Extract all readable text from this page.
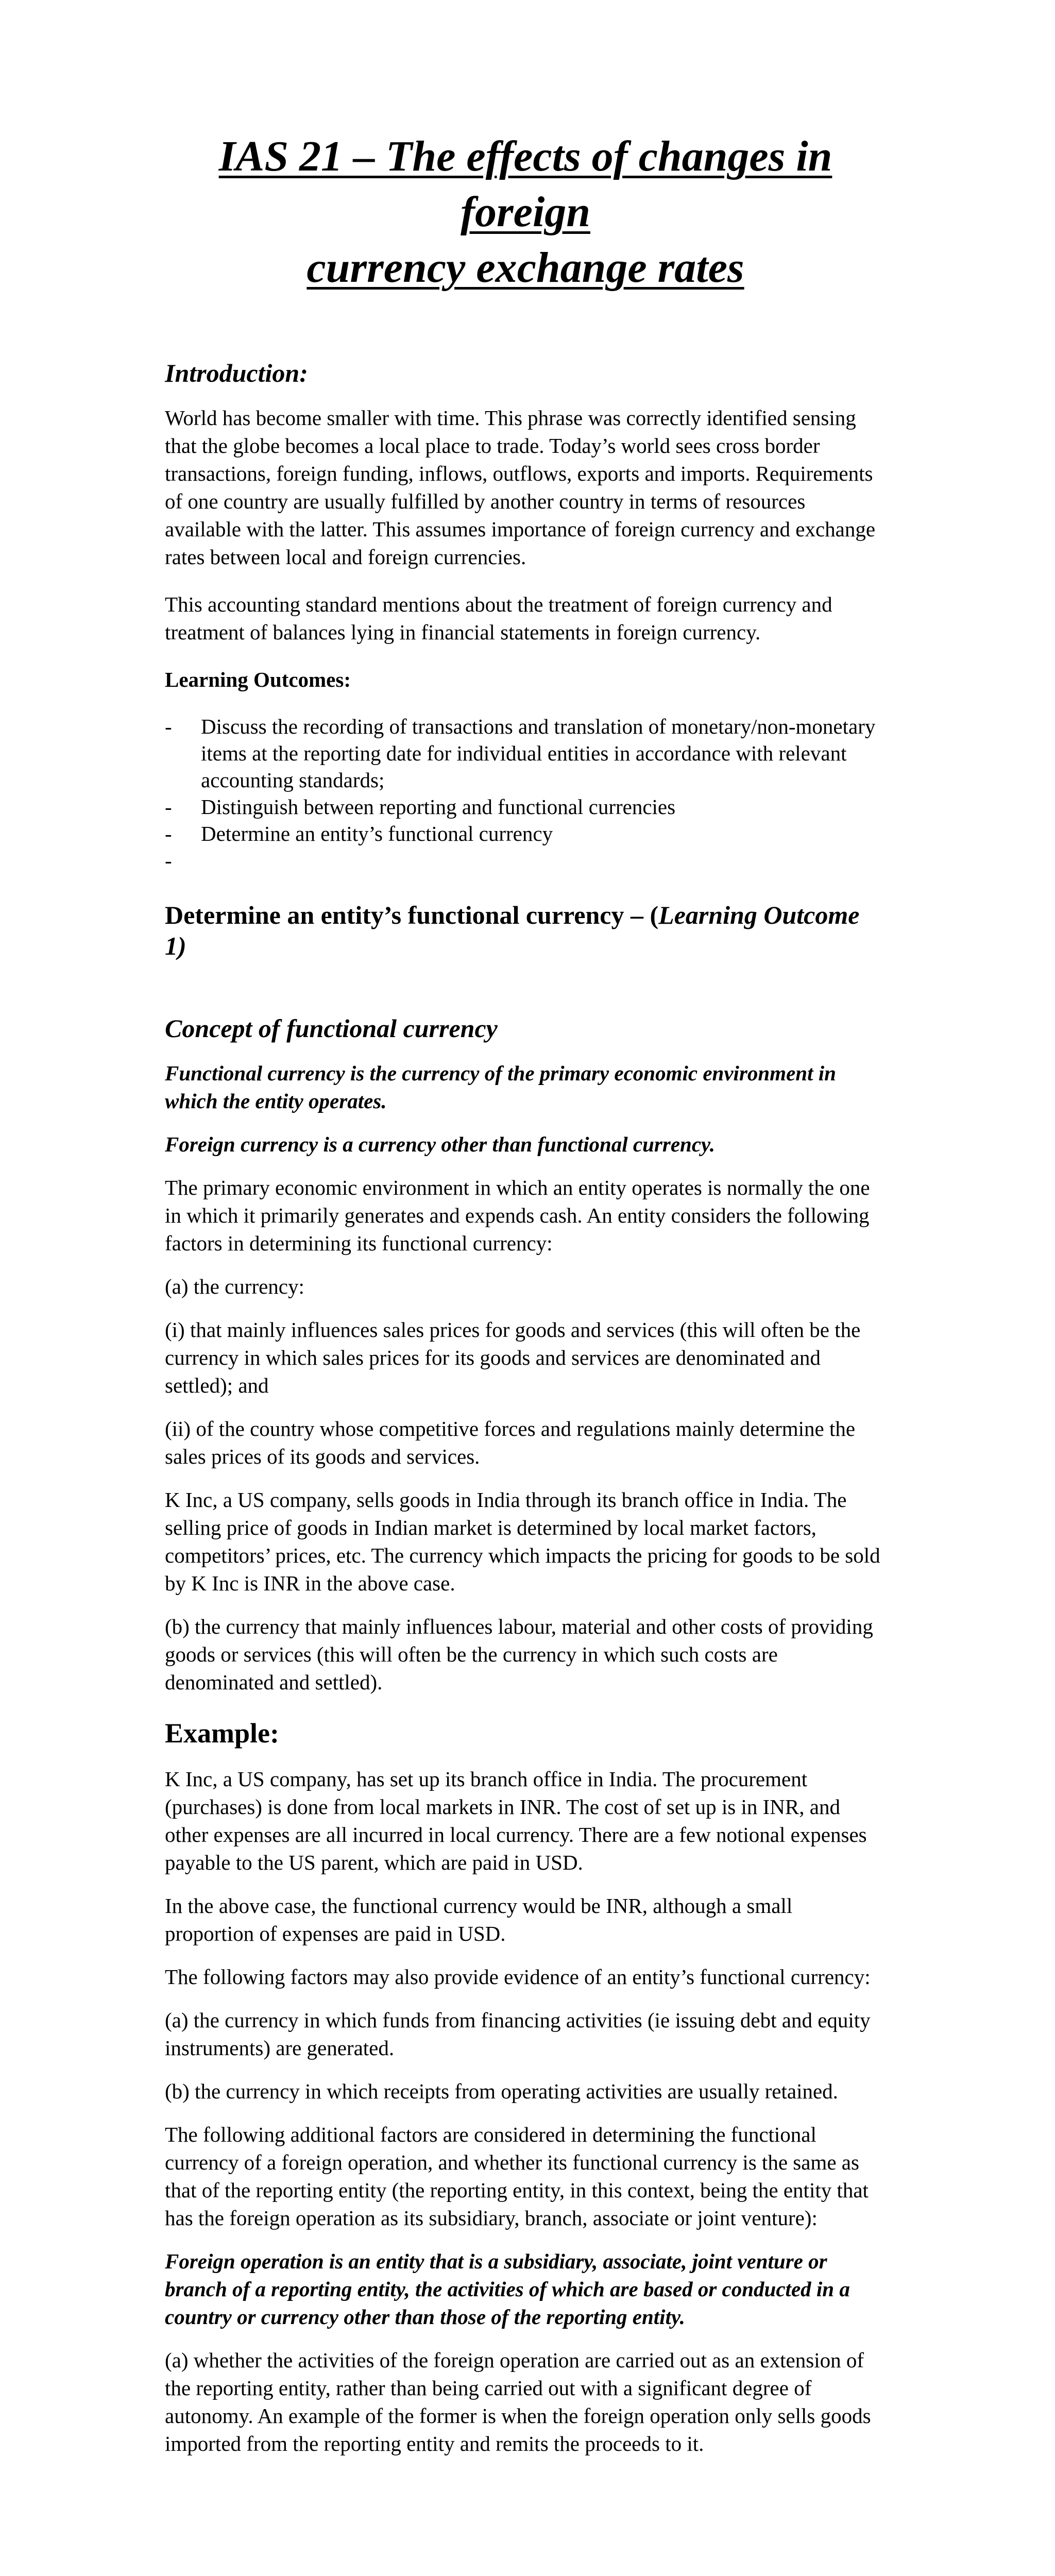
IAS 21 – The effects of changes in foreign
currency exchange rates
Introduction:

World has become smaller with time. This phrase was correctly identified sensing that the globe becomes a local place to trade. Today’s world sees cross border transactions, foreign funding, inflows, outflows, exports and imports. Requirements of one country are usually fulfilled by another country in terms of resources available with the latter. This assumes importance of foreign currency and exchange rates between local and foreign currencies.

This accounting standard mentions about the treatment of foreign currency and treatment of balances lying in financial statements in foreign currency.

Learning Outcomes:
- Discuss the recording of transactions and translation of monetary/non-monetary items at the reporting date for individual entities in accordance with relevant accounting standards;
- Distinguish between reporting and functional currencies
- Determine an entity’s functional currency
-
Determine an entity’s functional currency – (Learning Outcome 1)
Concept of functional currency

Functional currency is the currency of the primary economic environment in which the entity operates.

Foreign currency is a currency other than functional currency.

The primary economic environment in which an entity operates is normally the one in which it primarily generates and expends cash. An entity considers the following factors in determining its functional currency:

(a) the currency:

(i) that mainly influences sales prices for goods and services (this will often be the currency in which sales prices for its goods and services are denominated and settled); and

(ii) of the country whose competitive forces and regulations mainly determine the sales prices of its goods and services.

K Inc, a US company, sells goods in India through its branch office in India. The selling price of goods in Indian market is determined by local market factors, competitors’ prices, etc. The currency which impacts the pricing for goods to be sold by K Inc is INR in the above case.

(b) the currency that mainly influences labour, material and other costs of providing goods or services (this will often be the currency in which such costs are denominated and settled).

Example:

K Inc, a US company, has set up its branch office in India. The procurement (purchases) is done from local markets in INR. The cost of set up is in INR, and other expenses are all incurred in local currency. There are a few notional expenses payable to the US parent, which are paid in USD.

In the above case, the functional currency would be INR, although a small proportion of expenses are paid in USD.

The following factors may also provide evidence of an entity’s functional currency:

(a) the currency in which funds from financing activities (ie issuing debt and equity instruments) are generated.

(b) the currency in which receipts from operating activities are usually retained.

The following additional factors are considered in determining the functional currency of a foreign operation, and whether its functional currency is the same as that of the reporting entity (the reporting entity, in this context, being the entity that has the foreign operation as its subsidiary, branch, associate or joint venture):

Foreign operation is an entity that is a subsidiary, associate, joint venture or branch of a reporting entity, the activities of which are based or conducted in a country or currency other than those of the reporting entity.

(a) whether the activities of the foreign operation are carried out as an extension of the reporting entity, rather than being carried out with a significant degree of autonomy. An example of the former is when the foreign operation only sells goods imported from the reporting entity and remits the proceeds to it.
